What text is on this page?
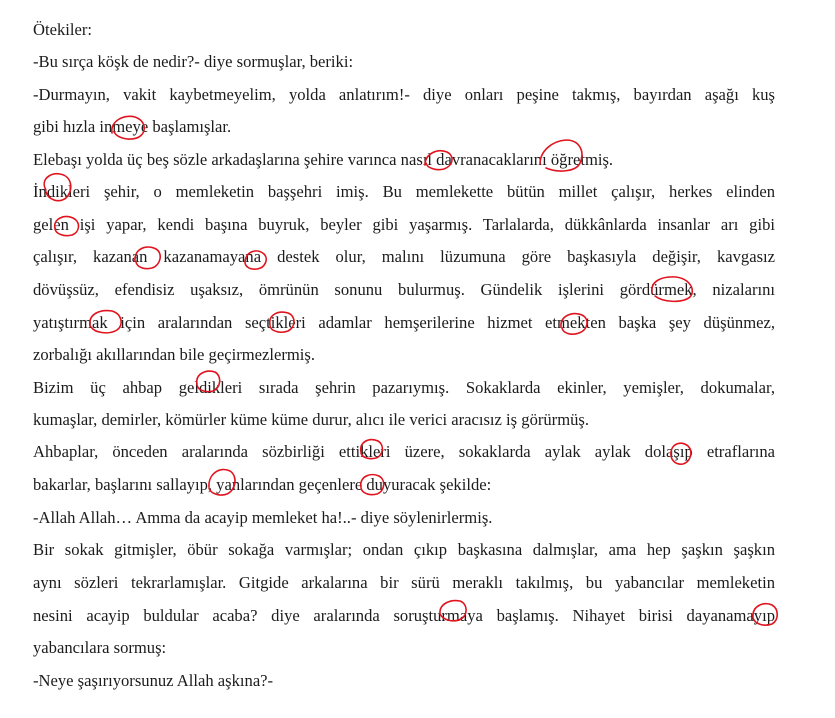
Ötekiler:
-Bu sırça köşk de nedir?- diye sormuşlar, beriki:
-Durmayın, vakit kaybetmeyelim, yolda anlatırım!- diye onları peşine takmış, bayırdan aşağı kuş
gibi hızla inmeye başlamışlar.
Elebaşı yolda üç beş sözle arkadaşlarına şehire varınca nasıl davranacaklarını öğretmiş.
İndikleri şehir, o memleketin başşehri imiş. Bu memlekette bütün millet çalışır, herkes elinden
gelen işi yapar, kendi başına buyruk, beyler gibi yaşarmış. Tarlalarda, dükkânlarda insanlar arı gibi
çalışır, kazanan kazanamayana destek olur, malını lüzumuna göre başkasıyla değişir, kavgasız
dövüşsüz, efendisiz uşaksız, ömrünün sonunu bulurmuş. Gündelik işlerini gördürmek, nizalarını
yatıştırmak için aralarından seçtikleri adamlar hemşerilerine hizmet etmekten başka şey düşünmez,
zorbalığı akıllarından bile geçirmezlermiş.
Bizim üç ahbap geldikleri sırada şehrin pazarıymış. Sokaklarda ekinler, yemişler, dokumalar,
kumaşlar, demirler, kömürler küme küme durur, alıcı ile verici aracısız iş görürmüş.
Ahbaplar, önceden aralarında sözbirliği ettikleri üzere, sokaklarda aylak aylak dolaşıp etraflarına
bakarlar, başlarını sallayıp, yanlarından geçenlere duyuracak şekilde:
-Allah Allah… Amma da acayip memleket ha!..- diye söylenirlermiş.
Bir sokak gitmişler, öbür sokağa varmışlar; ondan çıkıp başkasına dalmışlar, ama hep şaşkın şaşkın
aynı sözleri tekrarlamışlar. Gitgide arkalarına bir sürü meraklı takılmış, bu yabancılar memleketin
nesini acayip buldular acaba? diye aralarında soruşturmaya başlamış. Nihayet birisi dayanamayıp
yabancılara sormuş:
-Neye şaşırıyorsunuz Allah aşkına?-
